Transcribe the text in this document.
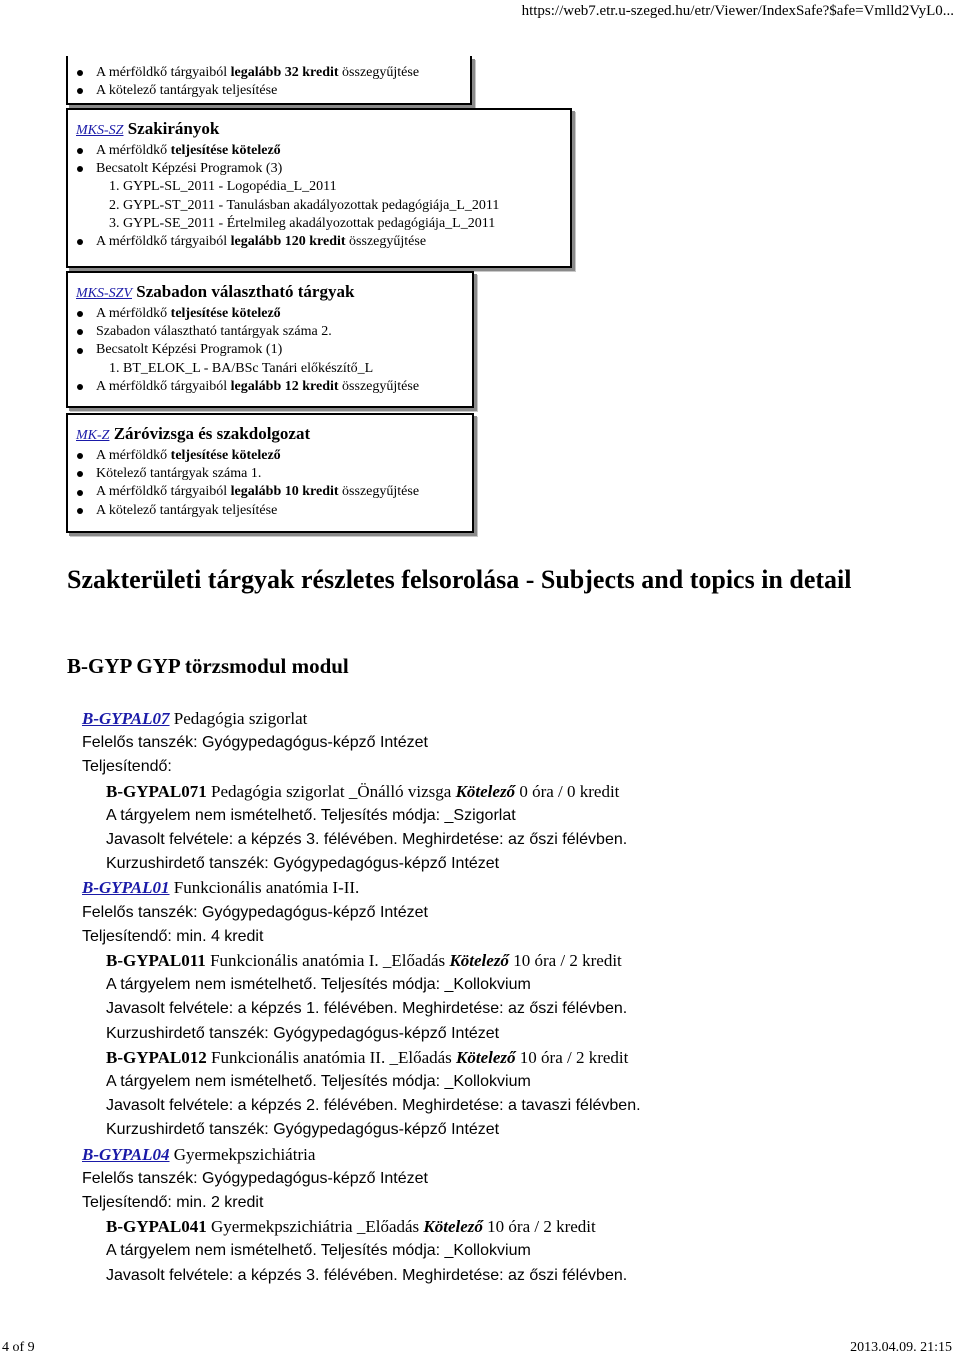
https://web7.etr.u-szeged.hu/etr/Viewer/IndexSafe?$afe=Vmlld2VyL0...
A mérföldkő tárgyaiból
legalább 32 kredit
összegyűjtése
A kötelező tantárgyak teljesítése
MKS-SZ Szakirányok
A mérföldkő
teljesítése kötelező
Becsatolt Képzési Programok (3)
1. GYPL-SL_2011 - Logopédia_L_2011
2. GYPL-ST_2011 - Tanulásban akadályozottak pedagógiája_L_2011
3. GYPL-SE_2011 - Értelmileg akadályozottak pedagógiája_L_2011
A mérföldkő tárgyaiból
legalább 120 kredit
összegyűjtése
MKS-SZV Szabadon választható tárgyak
A mérföldkő
teljesítése kötelező
Szabadon választható tantárgyak száma 2.
Becsatolt Képzési Programok (1)
1. BT_ELOK_L - BA/BSc Tanári előkészítő_L
A mérföldkő tárgyaiból
legalább 12 kredit
összegyűjtése
MK-Z Záróvizsga és szakdolgozat
A mérföldkő
teljesítése kötelező
Kötelező tantárgyak száma 1.
A mérföldkő tárgyaiból
legalább 10 kredit
összegyűjtése
A kötelező tantárgyak teljesítése
Szakterületi tárgyak részletes felsorolása - Subjects and topics in detail
B-GYP GYP törzsmodul modul
B-GYPAL07 Pedagógia szigorlat
Felelős tanszék: Gyógypedagógus-képző Intézet
Teljesítendő:
B-GYPAL071 Pedagógia szigorlat _Önálló vizsga Kötelező 0 óra / 0 kredit
A tárgyelem nem ismételhető. Teljesítés módja: _Szigorlat
Javasolt felvétele: a képzés 3. félévében. Meghirdetése: az őszi félévben.
Kurzushirdető tanszék: Gyógypedagógus-képző Intézet
B-GYPAL01 Funkcionális anatómia I-II.
Felelős tanszék: Gyógypedagógus-képző Intézet
Teljesítendő: min. 4 kredit
B-GYPAL011 Funkcionális anatómia I. _Előadás Kötelező 10 óra / 2 kredit
A tárgyelem nem ismételhető. Teljesítés módja: _Kollokvium
Javasolt felvétele: a képzés 1. félévében. Meghirdetése: az őszi félévben.
Kurzushirdető tanszék: Gyógypedagógus-képző Intézet
B-GYPAL012 Funkcionális anatómia II. _Előadás Kötelező 10 óra / 2 kredit
A tárgyelem nem ismételhető. Teljesítés módja: _Kollokvium
Javasolt felvétele: a képzés 2. félévében. Meghirdetése: a tavaszi félévben.
Kurzushirdető tanszék: Gyógypedagógus-képző Intézet
B-GYPAL04 Gyermekpszichiátria
Felelős tanszék: Gyógypedagógus-képző Intézet
Teljesítendő: min. 2 kredit
B-GYPAL041 Gyermekpszichiátria _Előadás Kötelező 10 óra / 2 kredit
A tárgyelem nem ismételhető. Teljesítés módja: _Kollokvium
Javasolt felvétele: a képzés 3. félévében. Meghirdetése: az őszi félévben.
4 of 9	2013.04.09. 21:15
